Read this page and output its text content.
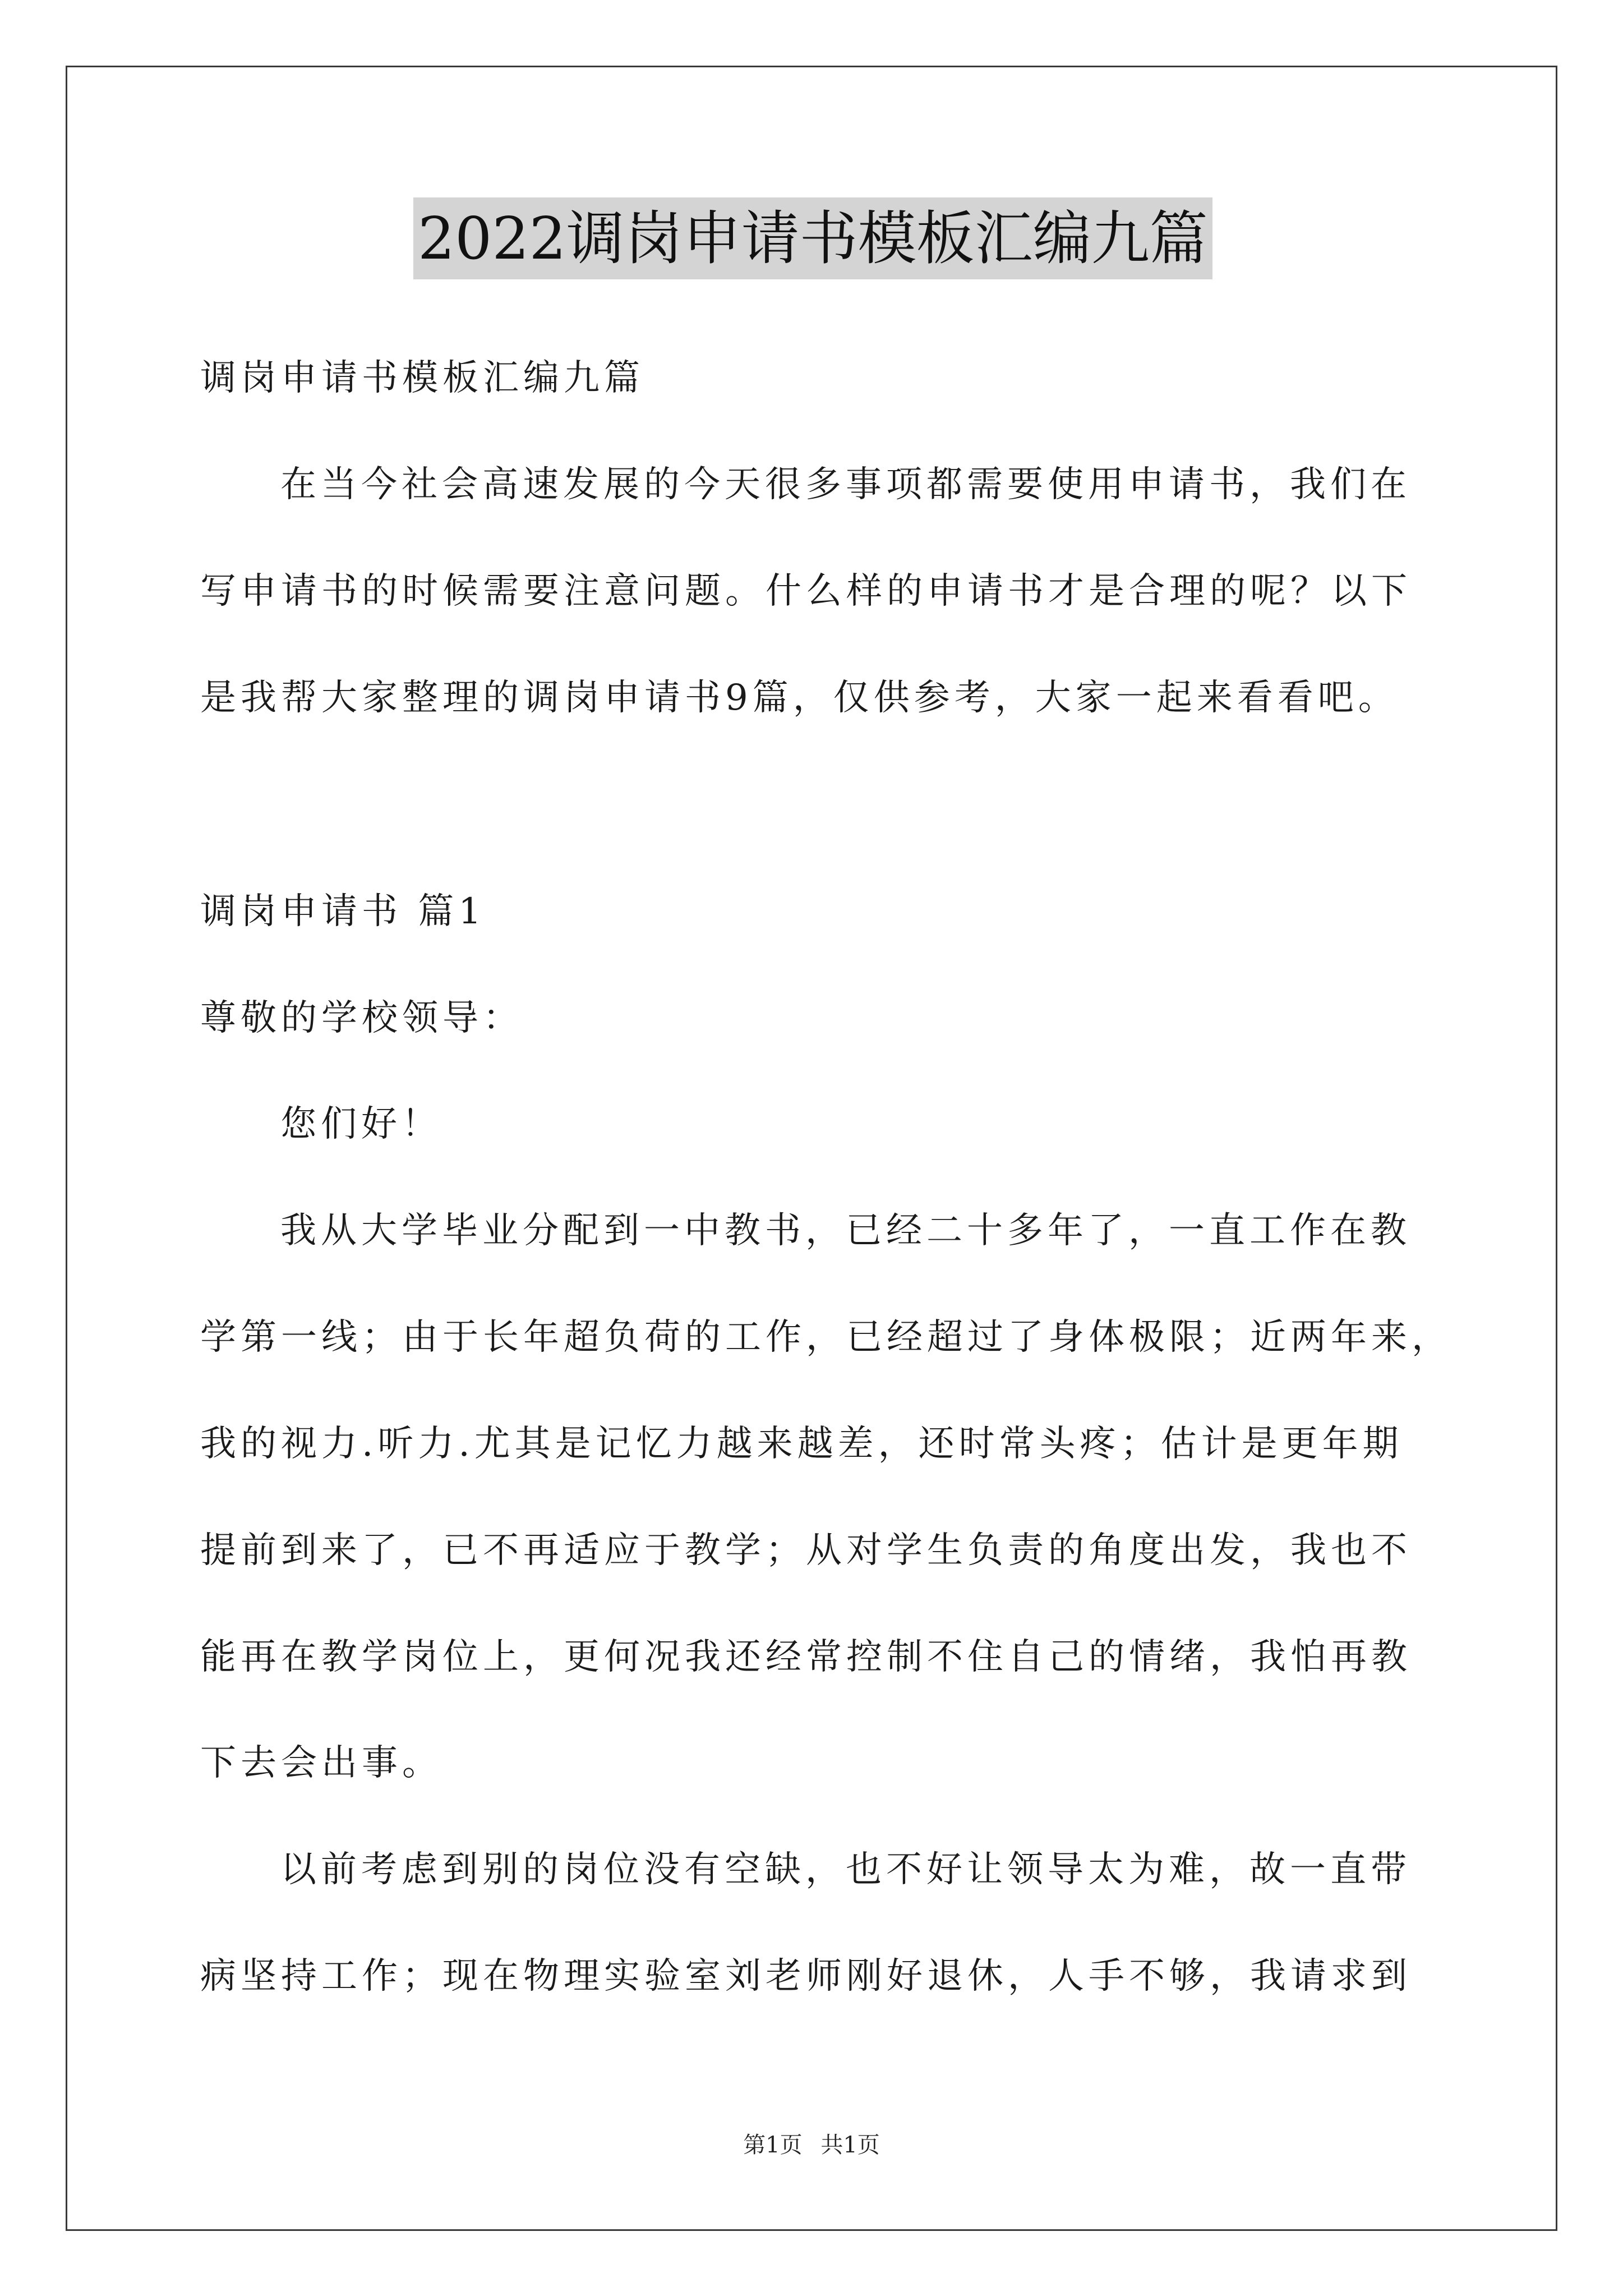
2022调岗申请书模板汇编九篇
调岗申请书模板汇编九篇
在当今社会高速发展的今天很多事项都需要使用申请书，我们在
写申请书的时候需要注意问题。什么样的申请书才是合理的呢？以下
是我帮大家整理的调岗申请书9篇，仅供参考，大家一起来看看吧。
调岗申请书 篇1
尊敬的学校领导：
您们好！
我从大学毕业分配到一中教书，已经二十多年了，一直工作在教
学第一线；由于长年超负荷的工作，已经超过了身体极限；近两年来，
我的视力.听力.尤其是记忆力越来越差，还时常头疼；估计是更年期
提前到来了，已不再适应于教学；从对学生负责的角度出发，我也不
能再在教学岗位上，更何况我还经常控制不住自己的情绪，我怕再教
下去会出事。
以前考虑到别的岗位没有空缺，也不好让领导太为难，故一直带
病坚持工作；现在物理实验室刘老师刚好退休，人手不够，我请求到
第1页 共1页
